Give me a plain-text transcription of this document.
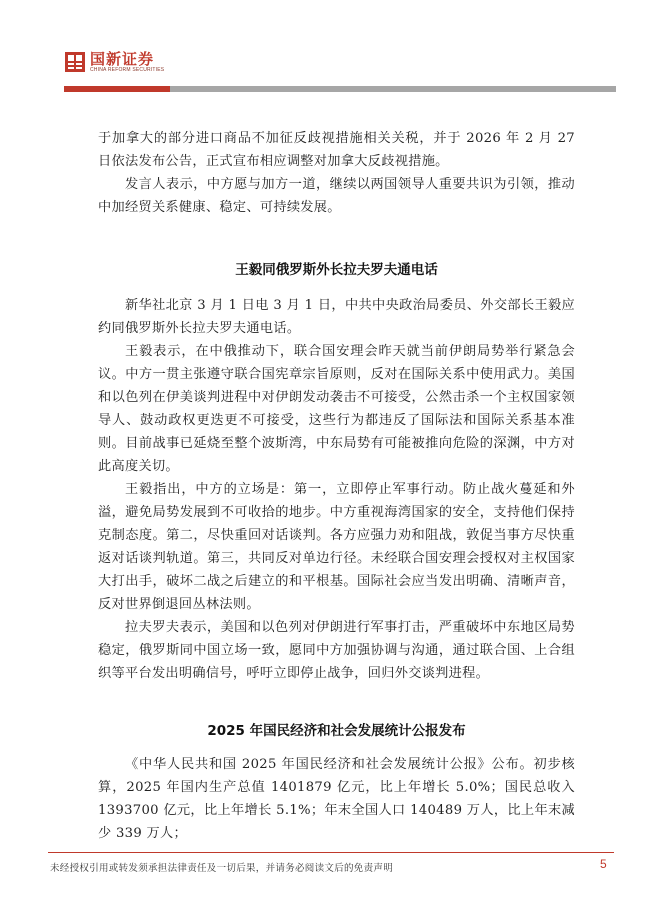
国新证券
CHINA REFORM SECURITIES

于加拿大的部分进口商品不加征反歧视措施相关关税，并于 2026 年 2 月 27 日依法发布公告，正式宣布相应调整对加拿大反歧视措施。

发言人表示，中方愿与加方一道，继续以两国领导人重要共识为引领，推动中加经贸关系健康、稳定、可持续发展。

王毅同俄罗斯外长拉夫罗夫通电话

新华社北京 3 月 1 日电 3 月 1 日，中共中央政治局委员、外交部长王毅应约同俄罗斯外长拉夫罗夫通电话。

王毅表示，在中俄推动下，联合国安理会昨天就当前伊朗局势举行紧急会议。中方一贯主张遵守联合国宪章宗旨原则，反对在国际关系中使用武力。美国和以色列在伊美谈判进程中对伊朗发动袭击不可接受，公然击杀一个主权国家领导人、鼓动政权更迭更不可接受，这些行为都违反了国际法和国际关系基本准则。目前战事已延烧至整个波斯湾，中东局势有可能被推向危险的深渊，中方对此高度关切。

王毅指出，中方的立场是：第一，立即停止军事行动。防止战火蔓延和外溢，避免局势发展到不可收拾的地步。中方重视海湾国家的安全，支持他们保持克制态度。第二，尽快重回对话谈判。各方应强力劝和阻战，敦促当事方尽快重返对话谈判轨道。第三，共同反对单边行径。未经联合国安理会授权对主权国家大打出手，破坏二战之后建立的和平根基。国际社会应当发出明确、清晰声音，反对世界倒退回丛林法则。

拉夫罗夫表示，美国和以色列对伊朗进行军事打击，严重破坏中东地区局势稳定，俄罗斯同中国立场一致，愿同中方加强协调与沟通，通过联合国、上合组织等平台发出明确信号，呼吁立即停止战争，回归外交谈判进程。

2025 年国民经济和社会发展统计公报发布

《中华人民共和国 2025 年国民经济和社会发展统计公报》公布。初步核算，2025 年国内生产总值 1401879 亿元，比上年增长 5.0%；国民总收入 1393700 亿元，比上年增长 5.1%；年末全国人口 140489 万人，比上年末减少 339 万人；

未经授权引用或转发须承担法律责任及一切后果，并请务必阅读文后的免责声明	5
